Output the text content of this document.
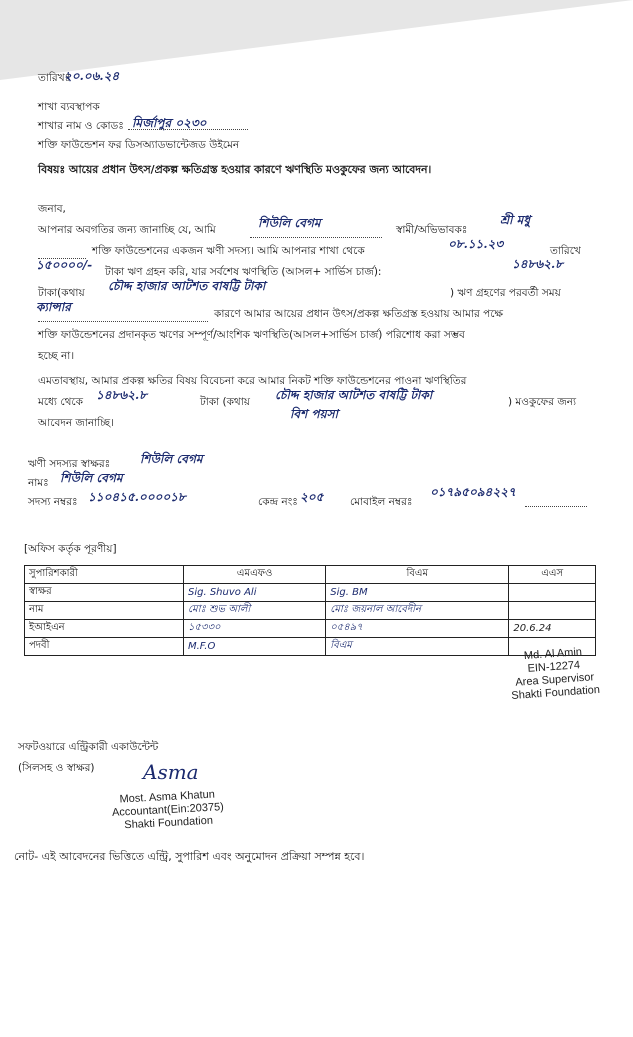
তারিখঃ
২০.০৬.২৪
শাখা ব্যবস্থাপক
শাখার নাম ও কোডঃ মির্জাপুর ০২৩০
শক্তি ফাউন্ডেশন ফর ডিসঅ্যাডভান্টেজড উইমেন
বিষয়ঃ আয়ের প্রধান উৎস/প্রকল্প ক্ষতিগ্রস্ত হওয়ার কারণে ঋণস্থিতি মওকুফের জন্য আবেদন।
জনাব,
আপনার অবগতির জন্য জানাচ্ছি যে, আমি	শিউলি বেগম	স্বামী/অভিভাবকঃ
শ্রী মধু
শক্তি ফাউন্ডেশনের একজন ঋণী সদস্য। আমি আপনার শাখা থেকে	০৮.১১.২৩	তারিখে
১৫০০০০/- টাকা ঋণ গ্রহন করি, যার সর্বশেষ ঋণস্থিতি (আসল+ সার্ভিস চার্জ):
১৪৮৬২.৮
টাকা(কথায় চৌদ্দ হাজার আটশত বাষট্টি টাকা	) ঋণ গ্রহণের পরবর্তী সময়
ক্যান্সার	কারণে আমার আয়ের প্রধান উৎস/প্রকল্প ক্ষতিগ্রস্ত হওয়ায় আমার পক্ষে
শক্তি ফাউন্ডেশনের প্রদানকৃত ঋণের সম্পূর্ণ/আংশিক ঋণস্থিতি(আসল+সার্ভিস চার্জ) পরিশোধ করা সম্ভব
হচ্ছে না।
এমতাবস্থায়, আমার প্রকল্প ক্ষতির বিষয় বিবেচনা করে আমার নিকট শক্তি ফাউন্ডেশনের পাওনা ঋণস্থিতির
মধ্যে থেকে ১৪৮৬২.৮	টাকা (কথায় চৌদ্দ হাজার আটশত বাষট্টি টাকা	) মওকুফের জন্য
আবেদন জানাচ্ছি।
বিশ পয়সা
ঋণী সদস্যর স্বাক্ষরঃ শিউলি বেগম
নামঃ শিউলি বেগম
সদস্য নম্বরঃ ১১০৪১৫.০০০০১৮	কেন্দ্র নংঃ ২০৫	মোবাইল নম্বরঃ
০১৭৯৫০৯৪২২৭
[অফিস কর্তৃক পূরণীয়]
সুপারিশকারী	এমএফও	বিএম	এএস
স্বাক্ষর	Sig. Shuvo Ali	Sig. BM	
নাম	মোঃ শুভ আলী	মোঃ জয়নাল আবেদীন	
ইআইএন	১৫৩৩০	০৫৪৯৭	20.6.24
পদবী	M.F.O	বিএম	
Md. Al Amin
EIN-12274
Area Supervisor
Shakti Foundation
সফটওয়ারে এন্ট্রিকারী একাউন্টেন্ট
(সিলসহ ও স্বাক্ষর) Asma
Most. Asma Khatun
Accountant(Ein:20375)
Shakti Foundation
নোট- এই আবেদনের ভিত্তিতে এন্ট্রি, সুপারিশ এবং অনুমোদন প্রক্রিয়া সম্পন্ন হবে।
